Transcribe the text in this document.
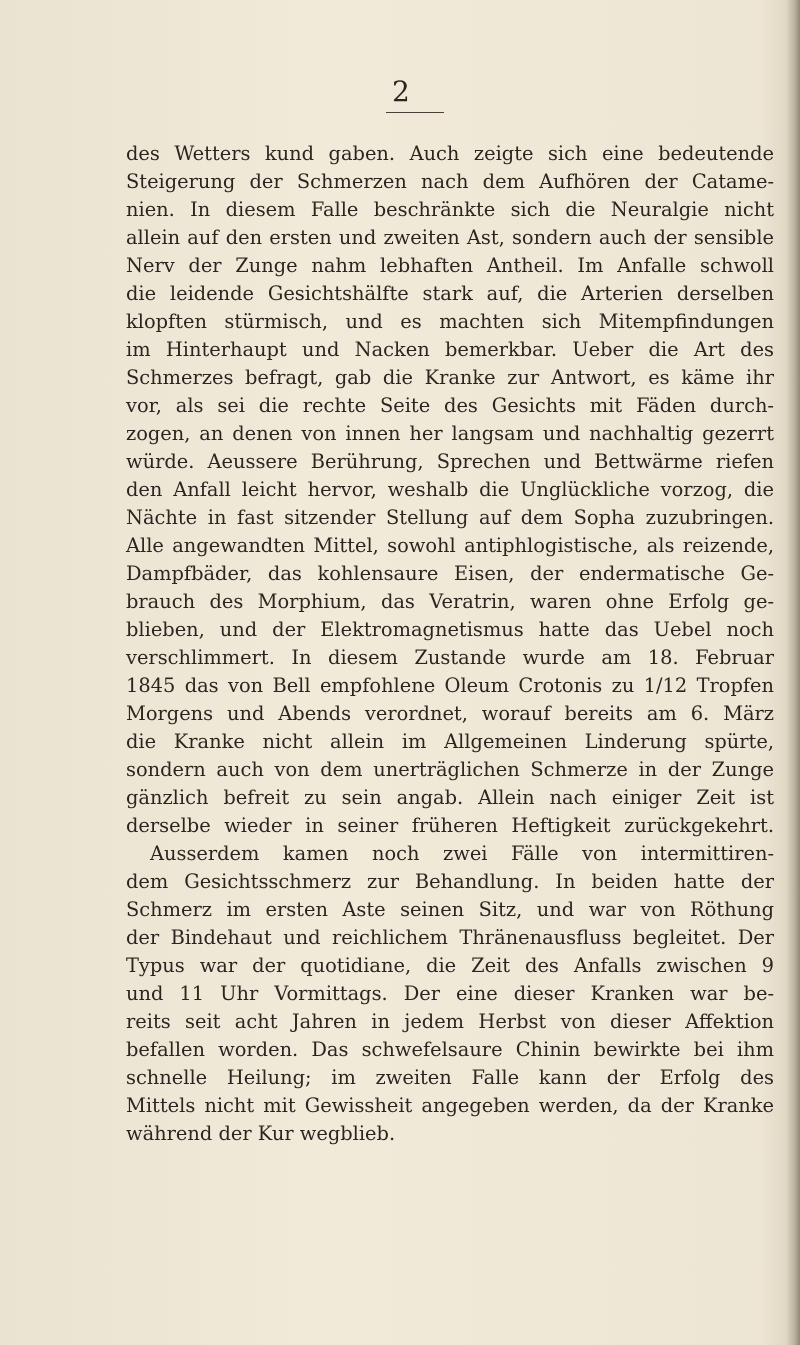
2
des Wetters kund gaben. Auch zeigte sich eine bedeutende
Steigerung der Schmerzen nach dem Aufhören der Catame-
nien. In diesem Falle beschränkte sich die Neuralgie nicht
allein auf den ersten und zweiten Ast, sondern auch der sensible
Nerv der Zunge nahm lebhaften Antheil. Im Anfalle schwoll
die leidende Gesichtshälfte stark auf, die Arterien derselben
klopften stürmisch, und es machten sich Mitempfindungen
im Hinterhaupt und Nacken bemerkbar. Ueber die Art des
Schmerzes befragt, gab die Kranke zur Antwort, es käme ihr
vor, als sei die rechte Seite des Gesichts mit Fäden durch-
zogen, an denen von innen her langsam und nachhaltig gezerrt
würde. Aeussere Berührung, Sprechen und Bettwärme riefen
den Anfall leicht hervor, weshalb die Unglückliche vorzog, die
Nächte in fast sitzender Stellung auf dem Sopha zuzubringen.
Alle angewandten Mittel, sowohl antiphlogistische, als reizende,
Dampfbäder, das kohlensaure Eisen, der endermatische Ge-
brauch des Morphium, das Veratrin, waren ohne Erfolg ge-
blieben, und der Elektromagnetismus hatte das Uebel noch
verschlimmert. In diesem Zustande wurde am 18. Februar
1845 das von Bell empfohlene Oleum Crotonis zu 1/12 Tropfen
Morgens und Abends verordnet, worauf bereits am 6. März
die Kranke nicht allein im Allgemeinen Linderung spürte,
sondern auch von dem unerträglichen Schmerze in der Zunge
gänzlich befreit zu sein angab. Allein nach einiger Zeit ist
derselbe wieder in seiner früheren Heftigkeit zurückgekehrt.
Ausserdem kamen noch zwei Fälle von intermittiren-
dem Gesichtsschmerz zur Behandlung. In beiden hatte der
Schmerz im ersten Aste seinen Sitz, und war von Röthung
der Bindehaut und reichlichem Thränenausfluss begleitet. Der
Typus war der quotidiane, die Zeit des Anfalls zwischen 9
und 11 Uhr Vormittags. Der eine dieser Kranken war be-
reits seit acht Jahren in jedem Herbst von dieser Affektion
befallen worden. Das schwefelsaure Chinin bewirkte bei ihm
schnelle Heilung; im zweiten Falle kann der Erfolg des
Mittels nicht mit Gewissheit angegeben werden, da der Kranke
während der Kur wegblieb.
